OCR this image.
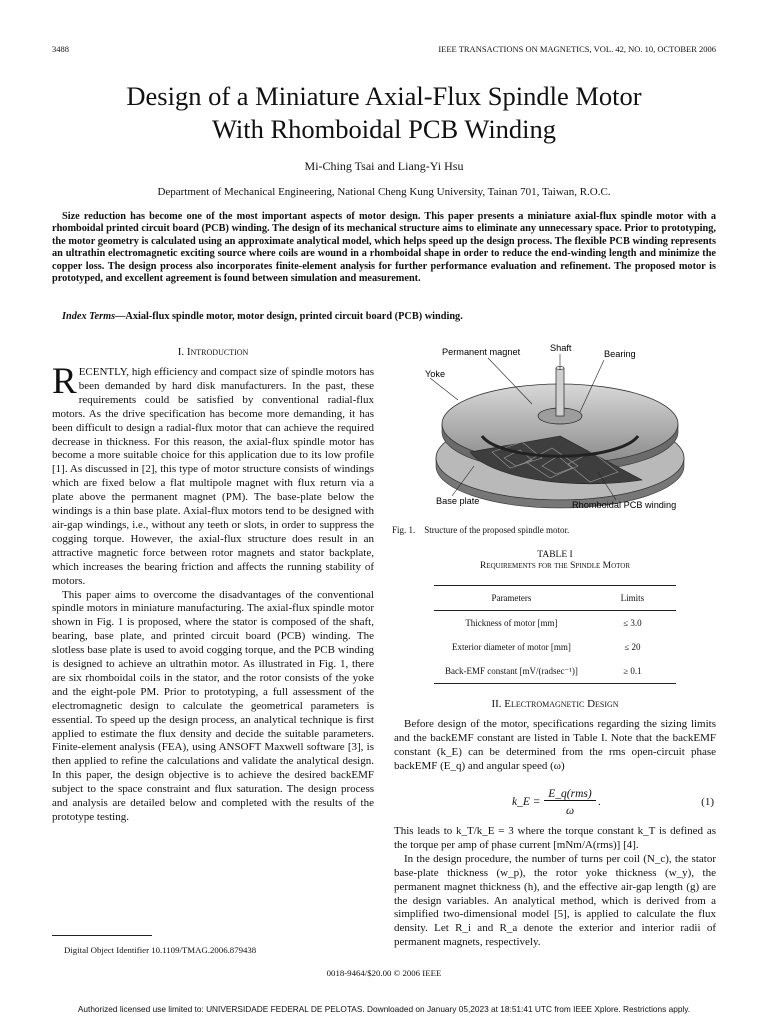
3488	IEEE TRANSACTIONS ON MAGNETICS, VOL. 42, NO. 10, OCTOBER 2006
Design of a Miniature Axial-Flux Spindle Motor
With Rhomboidal PCB Winding
Mi-Ching Tsai and Liang-Yi Hsu
Department of Mechanical Engineering, National Cheng Kung University, Tainan 701, Taiwan, R.O.C.
Size reduction has become one of the most important aspects of motor design. This paper presents a miniature axial-flux spindle motor with a rhomboidal printed circuit board (PCB) winding. The design of its mechanical structure aims to eliminate any unnecessary space. Prior to prototyping, the motor geometry is calculated using an approximate analytical model, which helps speed up the design process. The flexible PCB winding represents an ultrathin electromagnetic exciting source where coils are wound in a rhomboidal shape in order to reduce the end-winding length and minimize the copper loss. The design process also incorporates finite-element analysis for further performance evaluation and refinement. The proposed motor is prototyped, and excellent agreement is found between simulation and measurement.
Index Terms—Axial-flux spindle motor, motor design, printed circuit board (PCB) winding.
I. Introduction

RECENTLY, high efficiency and compact size of spindle motors has been demanded by hard disk manufacturers. In the past, these requirements could be satisfied by conventional radial-flux motors. As the drive specification has become more demanding, it has been difficult to design a radial-flux motor that can achieve the required decrease in thickness. For this reason, the axial-flux spindle motor has become a more suitable choice for this application due to its low profile [1]. As discussed in [2], this type of motor structure consists of windings which are fixed below a flat multipole magnet with flux return via a plate above the permanent magnet (PM). The base-plate below the windings is a thin base plate. Axial-flux motors tend to be designed with air-gap windings, i.e., without any teeth or slots, in order to suppress the cogging torque. However, the axial-flux structure does result in an attractive magnetic force between rotor magnets and stator backplate, which increases the bearing friction and affects the running stability of motors.

This paper aims to overcome the disadvantages of the conventional spindle motors in miniature manufacturing. The axial-flux spindle motor shown in Fig. 1 is proposed, where the stator is composed of the shaft, bearing, base plate, and printed circuit board (PCB) winding. The slotless base plate is used to avoid cogging torque, and the PCB winding is designed to achieve an ultrathin motor. As illustrated in Fig. 1, there are six rhomboidal coils in the stator, and the rotor consists of the yoke and the eight-pole PM. Prior to prototyping, a full assessment of the electromagnetic design to calculate the geometrical parameters is essential. To speed up the design process, an analytical technique is first applied to estimate the flux density and decide the suitable parameters. Finite-element analysis (FEA), using ANSOFT Maxwell software [3], is then applied to refine the calculations and validate the analytical design. In this paper, the design objective is to achieve the desired backEMF subject to the space constraint and flux saturation. The design process and analysis are detailed below and completed with the results of the prototype testing.

Digital Object Identifier 10.1109/TMAG.2006.879438
Permanent magnet	Shaft
Bearing
Yoke
Base plate	Rhomboidal PCB winding
Fig. 1.    Structure of the proposed spindle motor.
TABLE I
Requirements for the Spindle Motor
Parameters	Limits
Thickness of motor [mm]	≤ 3.0
Exterior diameter of motor [mm]	≤ 20
Back-EMF constant [mV/(radsec⁻¹)]	≥ 0.1
II. Electromagnetic Design

Before design of the motor, specifications regarding the sizing limits and the backEMF constant are listed in Table I. Note that the backEMF constant (k_E) can be determined from the rms open-circuit phase backEMF (E_q) and angular speed (ω)

k_E =
E_q(rms)
ω
.	(1)

This leads to k_T/k_E = 3 where the torque constant k_T is defined as the torque per amp of phase current [mNm/A(rms)] [4].

In the design procedure, the number of turns per coil (N_c), the stator base-plate thickness (w_p), the rotor yoke thickness (w_y), the permanent magnet thickness (h), and the effective air-gap length (g) are the design variables. An analytical method, which is derived from a simplified two-dimensional model [5], is applied to calculate the flux density. Let R_i and R_a denote the exterior and interior radii of permanent magnets, respectively.

0018-9464/$20.00 © 2006 IEEE
Authorized licensed use limited to: UNIVERSIDADE FEDERAL DE PELOTAS. Downloaded on January 05,2023 at 18:51:41 UTC from IEEE Xplore. Restrictions apply.
